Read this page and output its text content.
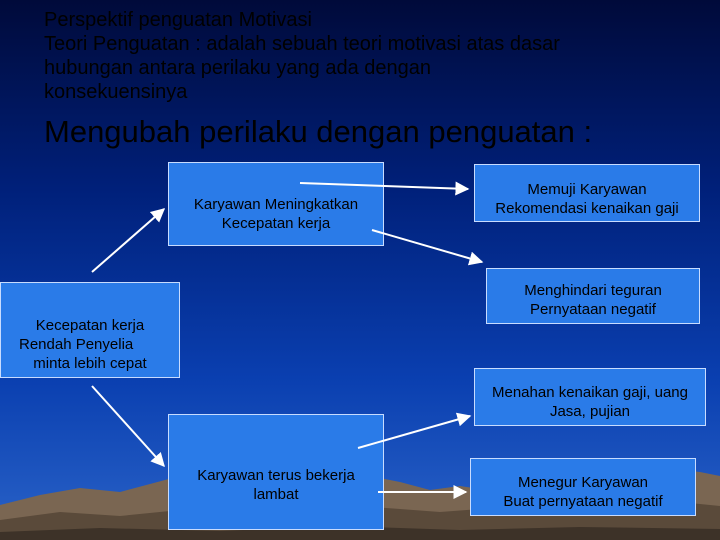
Perspektif penguatan Motivasi
Teori Penguatan : adalah sebuah teori motivasi atas dasar
hubungan antara perilaku yang ada dengan
konsekuensinya
Mengubah perilaku dengan penguatan :
Kecepatan kerja
Rendah Penyelia
minta lebih cepat
Karyawan Meningkatkan
Kecepatan kerja
Karyawan terus bekerja
lambat
Memuji Karyawan
Rekomendasi kenaikan gaji
Menghindari teguran
Pernyataan negatif
Menahan kenaikan gaji, uang
Jasa, pujian
Menegur Karyawan
Buat pernyataan negatif
